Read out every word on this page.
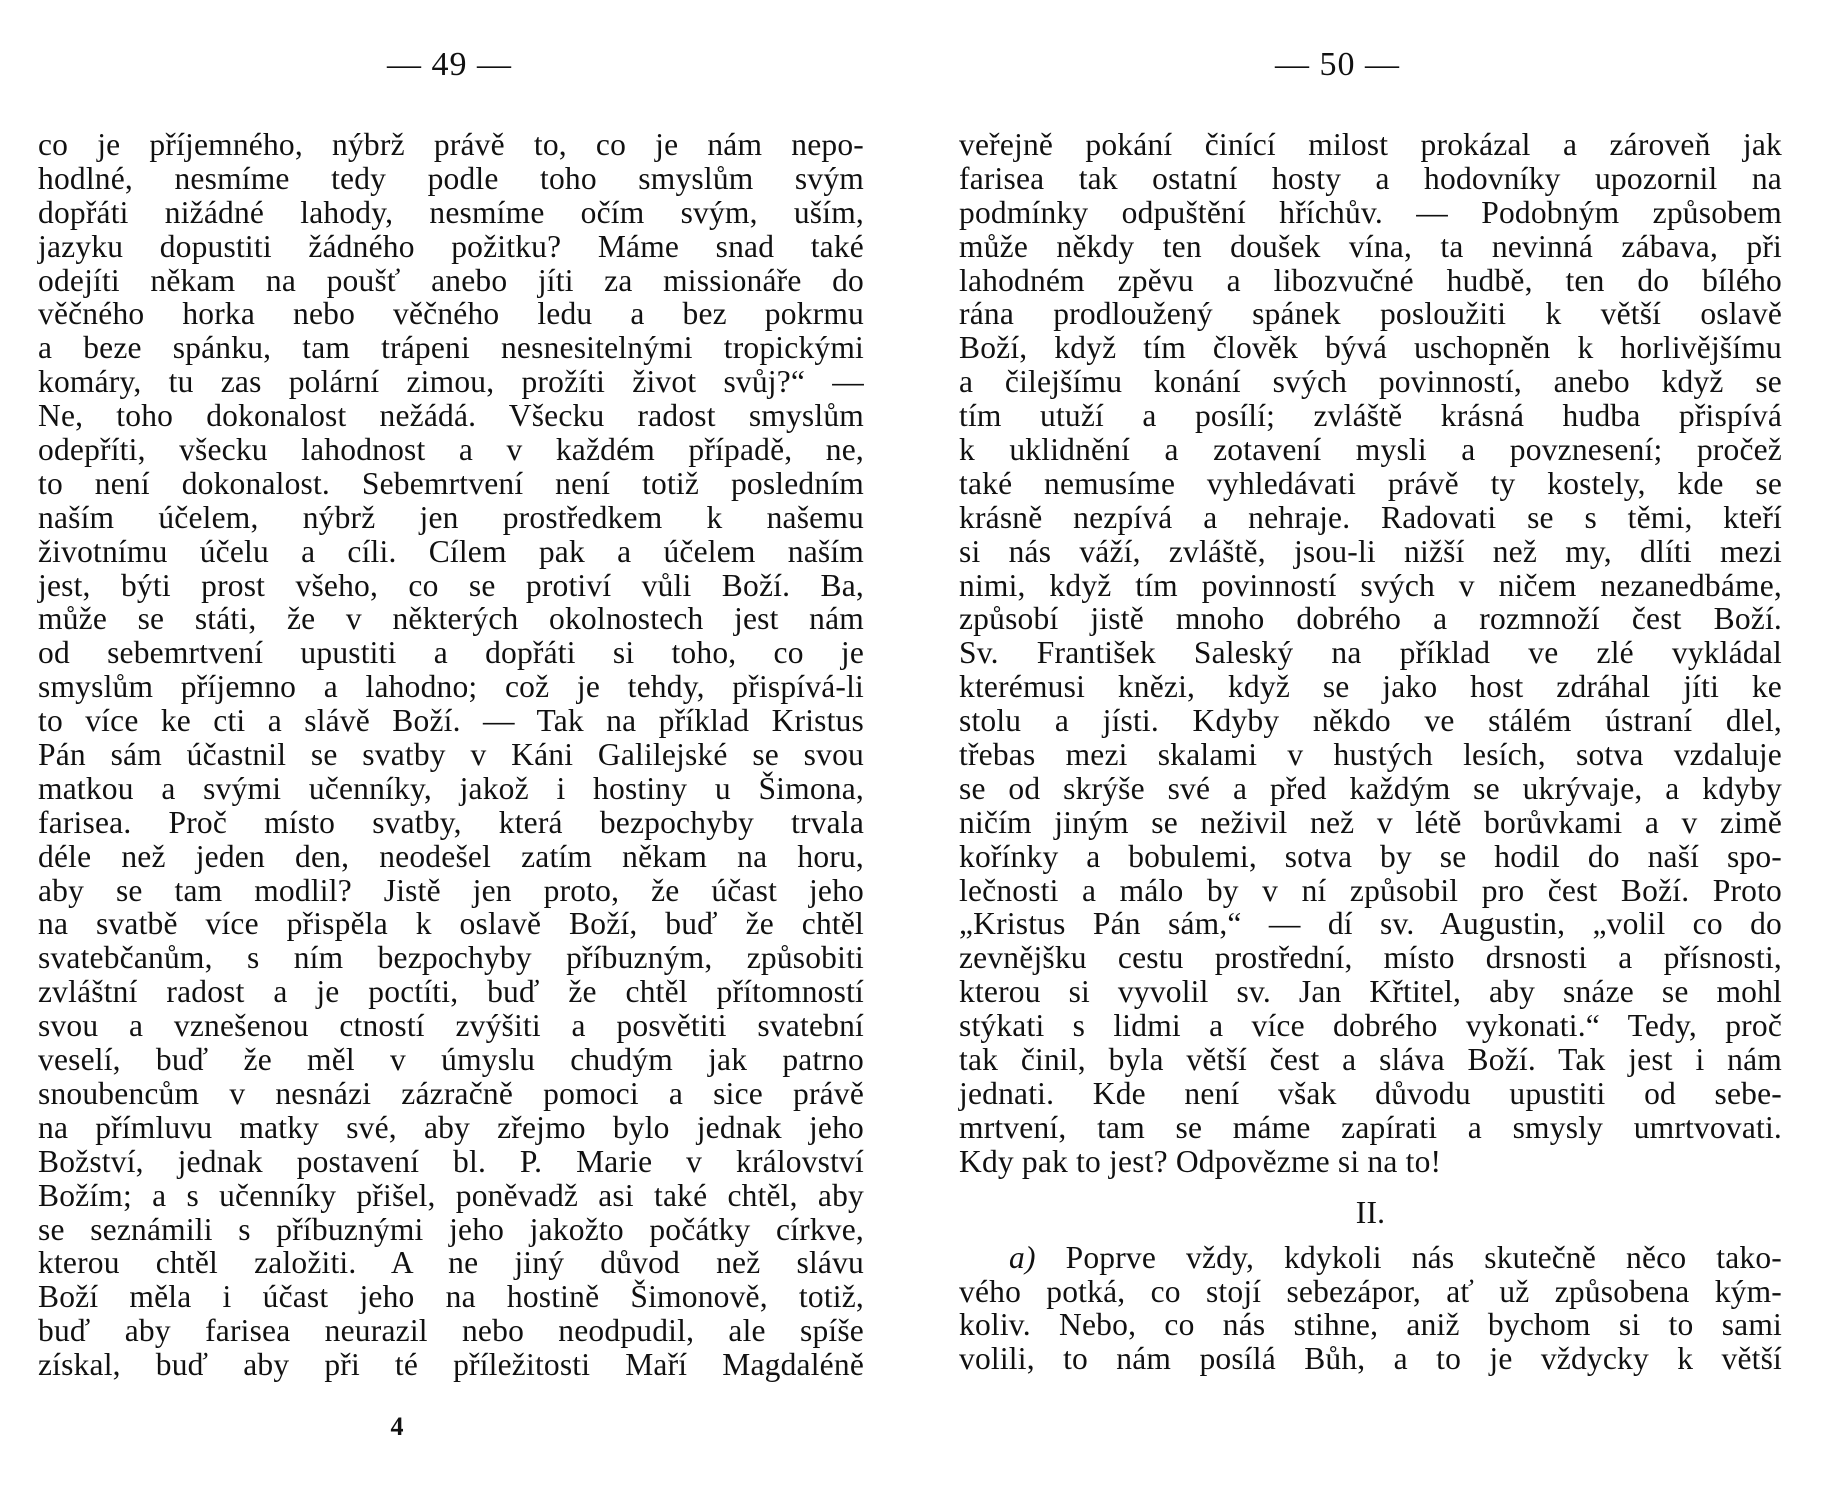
— 49 —
co je příjemného, nýbrž právě to, co je nám nepo-
hodlné, nesmíme tedy podle toho smyslům svým
dopřáti nižádné lahody, nesmíme očím svým, uším,
jazyku dopustiti žádného požitku? Máme snad také
odejíti někam na poušť anebo jíti za missionáře do
věčného horka nebo věčného ledu a bez pokrmu
a beze spánku, tam trápeni nesnesitelnými tropickými
komáry, tu zas polární zimou, prožíti život svůj?“ —
Ne, toho dokonalost nežádá. Všecku radost smyslům
odepříti, všecku lahodnost a v každém případě, ne,
to není dokonalost. Sebemrtvení není totiž posledním
naším účelem, nýbrž jen prostředkem k našemu
životnímu účelu a cíli. Cílem pak a účelem naším
jest, býti prost všeho, co se protiví vůli Boží. Ba,
může se státi, že v některých okolnostech jest nám
od sebemrtvení upustiti a dopřáti si toho, co je
smyslům příjemno a lahodno; což je tehdy, přispívá-li
to více ke cti a slávě Boží. — Tak na příklad Kristus
Pán sám účastnil se svatby v Káni Galilejské se svou
matkou a svými učenníky, jakož i hostiny u Šimona,
farisea. Proč místo svatby, která bezpochyby trvala
déle než jeden den, neodešel zatím někam na horu,
aby se tam modlil? Jistě jen proto, že účast jeho
na svatbě více přispěla k oslavě Boží, buď že chtěl
svatebčanům, s ním bezpochyby příbuzným, způsobiti
zvláštní radost a je poctíti, buď že chtěl přítomností
svou a vznešenou ctností zvýšiti a posvětiti svatební
veselí, buď že měl v úmyslu chudým jak patrno
snoubencům v nesnázi zázračně pomoci a sice právě
na přímluvu matky své, aby zřejmo bylo jednak jeho
Božství, jednak postavení bl. P. Marie v království
Božím; a s učenníky přišel, poněvadž asi také chtěl, aby
se seznámili s příbuznými jeho jakožto počátky církve,
kterou chtěl založiti. A ne jiný důvod než slávu
Boží měla i účast jeho na hostině Šimonově, totiž,
buď aby farisea neurazil nebo neodpudil, ale spíše
získal, buď aby při té příležitosti Maří Magdaléně
4
— 50 —
veřejně pokání činící milost prokázal a zároveň jak
farisea tak ostatní hosty a hodovníky upozornil na
podmínky odpuštění hříchův. — Podobným způsobem
může někdy ten doušek vína, ta nevinná zábava, při
lahodném zpěvu a libozvučné hudbě, ten do bílého
rána prodloužený spánek posloužiti k větší oslavě
Boží, když tím člověk bývá uschopněn k horlivějšímu
a čilejšímu konání svých povinností, anebo když se
tím utuží a posílí; zvláště krásná hudba přispívá
k uklidnění a zotavení mysli a povznesení; pročež
také nemusíme vyhledávati právě ty kostely, kde se
krásně nezpívá a nehraje. Radovati se s těmi, kteří
si nás váží, zvláště, jsou-li nižší než my, dlíti mezi
nimi, když tím povinností svých v ničem nezanedbáme,
způsobí jistě mnoho dobrého a rozmnoží čest Boží.
Sv. František Saleský na příklad ve zlé vykládal
kterémusi knězi, když se jako host zdráhal jíti ke
stolu a jísti. Kdyby někdo ve stálém ústraní dlel,
třebas mezi skalami v hustých lesích, sotva vzdaluje
se od skrýše své a před každým se ukrývaje, a kdyby
ničím jiným se neživil než v létě borůvkami a v zimě
kořínky a bobulemi, sotva by se hodil do naší spo-
lečnosti a málo by v ní způsobil pro čest Boží. Proto
„Kristus Pán sám,“ — dí sv. Augustin, „volil co do
zevnějšku cestu prostřední, místo drsnosti a přísnosti,
kterou si vyvolil sv. Jan Křtitel, aby snáze se mohl
stýkati s lidmi a více dobrého vykonati.“ Tedy, proč
tak činil, byla větší čest a sláva Boží. Tak jest i nám
jednati. Kde není však důvodu upustiti od sebe-
mrtvení, tam se máme zapírati a smysly umrtvovati.
Kdy pak to jest? Odpovězme si na to!
II.
a) Poprve vždy, kdykoli nás skutečně něco tako-
vého potká, co stojí sebezápor, ať už způsobena kým-
koliv. Nebo, co nás stihne, aniž bychom si to sami
volili, to nám posílá Bůh, a to je vždycky k větší
